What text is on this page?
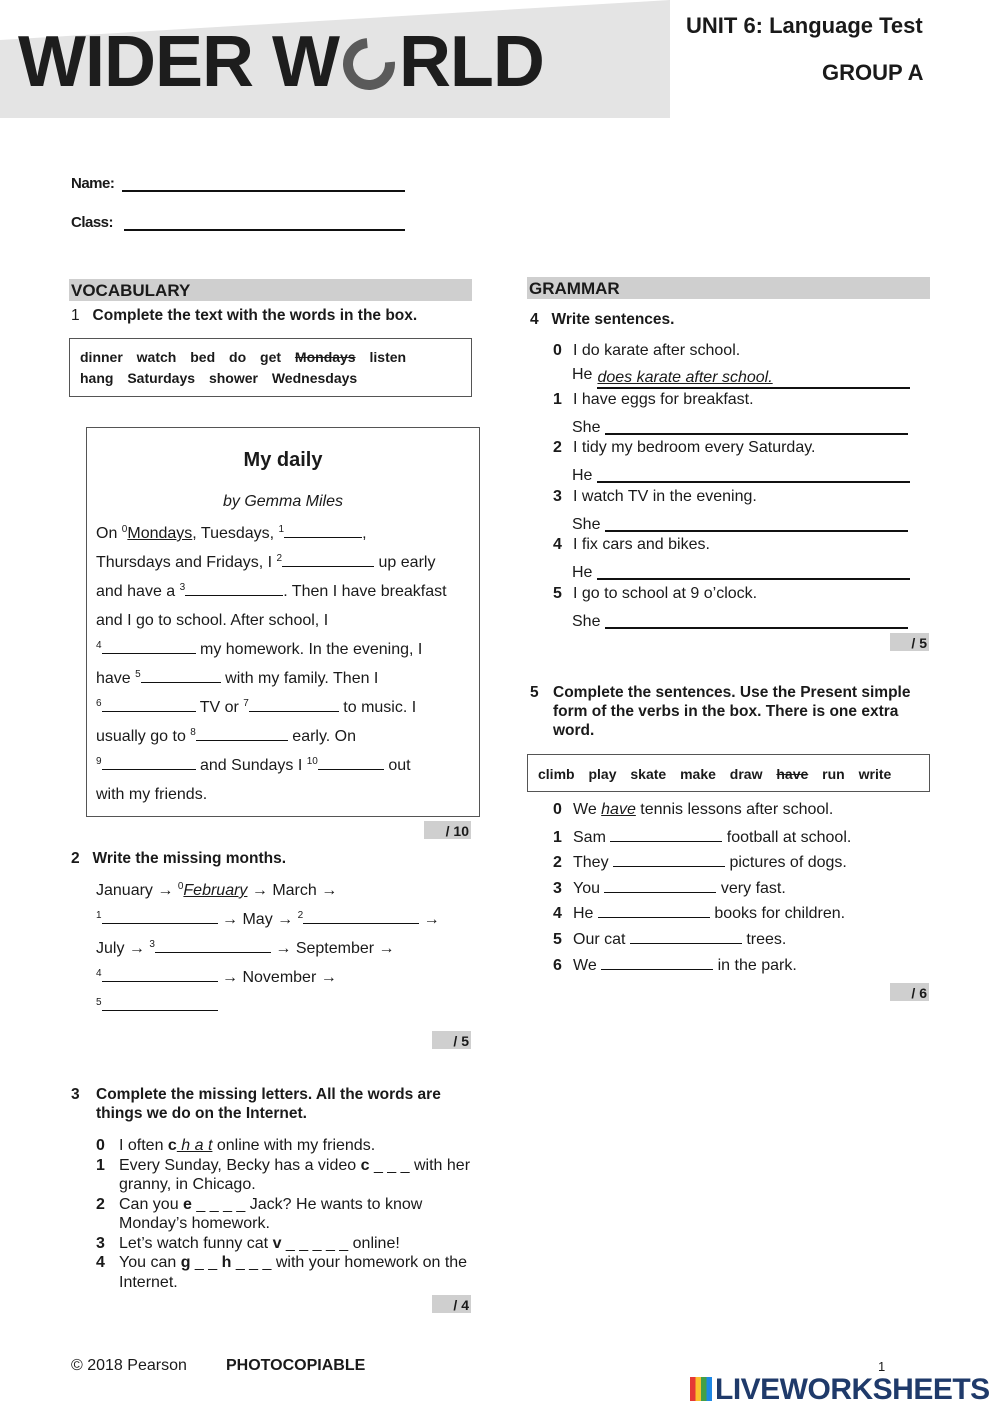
WIDER W RLD	UNIT 6: Language Test
GROUP A
Name:
Class:
VOCABULARY
1 Complete the text with the words in the box.
dinner watch bed do get Mondays listen hang Saturdays shower Wednesdays
My daily
by Gemma Miles
On $^0$Mondays, Tuesdays, $^1$	,
Thursdays and Fridays, I $^2$	up early
and have a $^3$	. Then I have breakfast
and I go to school. After school, I
$^4$	my homework. In the evening, I
have $^5$	with my family. Then I
$^6$	TV or $^7$	to music. I
usually go to $^8$	early. On
$^9$	and Sundays I $^{10}$	out
with my friends.
/ 10
2 Write the missing months.
January → $^0$February → March →
$^1$	→ May → $^2$	→
July → $^3$	→ September →
$^4$	→ November →
$^5$
/ 5
3 Complete the missing letters. All the words are things we do on the Internet.
0 I often c h a t online with my friends.
1 Every Sunday, Becky has a video c _ _ _ with her granny, in Chicago.
2 Can you e _ _ _ _ Jack? He wants to know Monday’s homework.
3 Let’s watch funny cat v _ _ _ _ _ online!
4 You can g _ _ h _ _ _ with your homework on the Internet.
/ 4
GRAMMAR
4 Write sentences.
0 I do karate after school.
He does karate after school.
1 I have eggs for breakfast.
She
2 I tidy my bedroom every Saturday.
He
3 I watch TV in the evening.
She
4 I fix cars and bikes.
He
5 I go to school at 9 o’clock.
She
/ 5
5 Complete the sentences. Use the Present simple form of the verbs in the box. There is one extra word.
climb play skate make draw have run write
0 We have tennis lessons after school.
1 Sam	football at school.
2 They	pictures of dogs.
3 You	very fast.
4 He	books for children.
5 Our cat	trees.
6 We	in the park.
/ 6
© 2018 Pearson PHOTOCOPIABLE	1
LIVEWORKSHEETS
